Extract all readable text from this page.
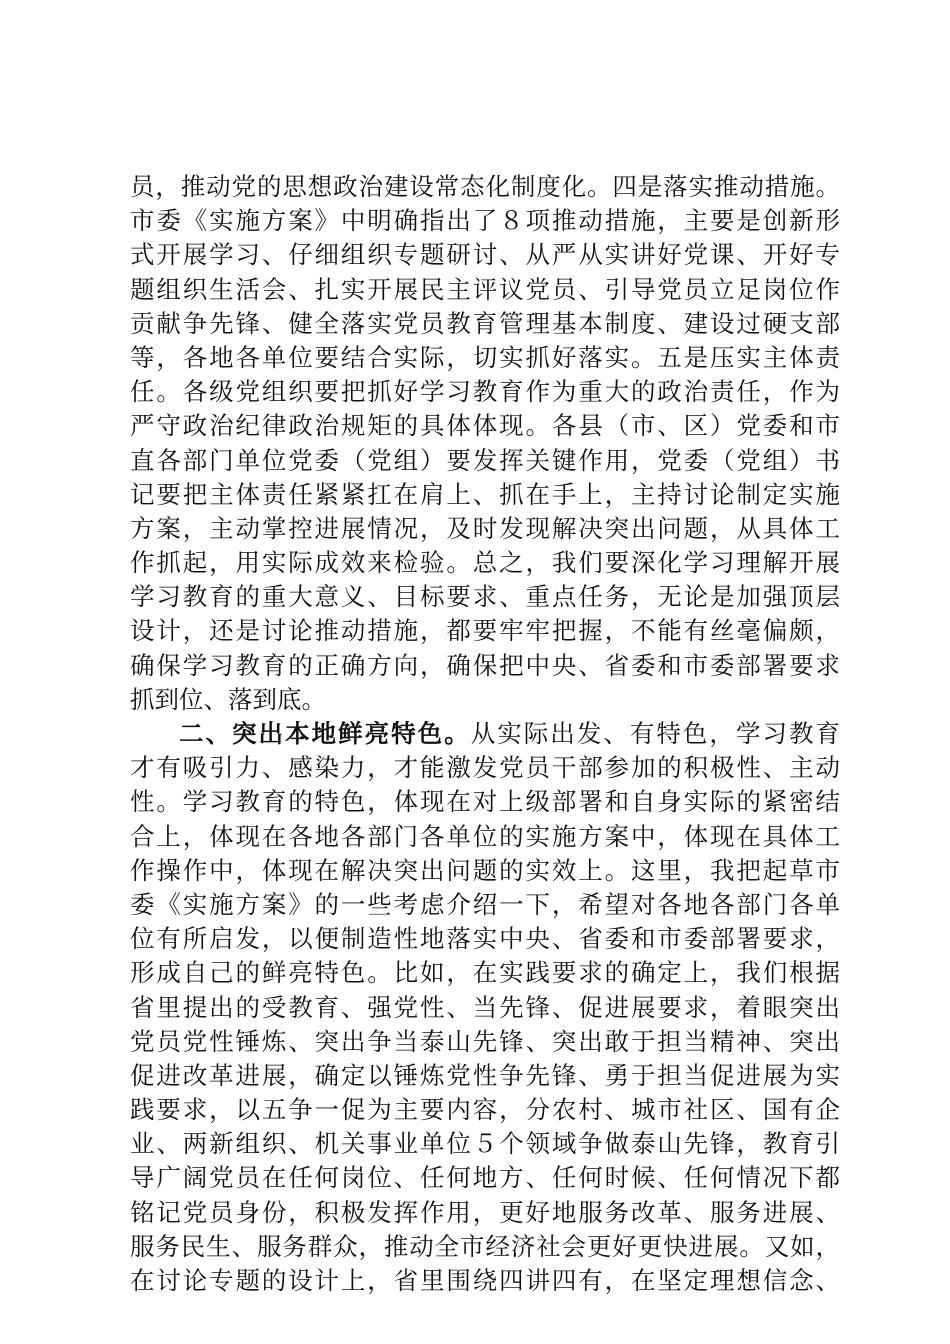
员，推动党的思想政治建设常态化制度化。四是落实推动措施。
市委《实施方案》中明确指出了８项推动措施，主要是创新形
式开展学习、仔细组织专题研讨、从严从实讲好党课、开好专
题组织生活会、扎实开展民主评议党员、引导党员立足岗位作
贡献争先锋、健全落实党员教育管理基本制度、建设过硬支部
等，各地各单位要结合实际，切实抓好落实。五是压实主体责
任。各级党组织要把抓好学习教育作为重大的政治责任，作为
严守政治纪律政治规矩的具体体现。各县（市、区）党委和市
直各部门单位党委（党组）要发挥关键作用，党委（党组）书
记要把主体责任紧紧扛在肩上、抓在手上，主持讨论制定实施
方案，主动掌控进展情况，及时发现解决突出问题，从具体工
作抓起，用实际成效来检验。总之，我们要深化学习理解开展
学习教育的重大意义、目标要求、重点任务，无论是加强顶层
设计，还是讨论推动措施，都要牢牢把握，不能有丝毫偏颇，
确保学习教育的正确方向，确保把中央、省委和市委部署要求
抓到位、落到底。
二、突出本地鲜亮特色。从实际出发、有特色，学习教育
才有吸引力、感染力，才能激发党员干部参加的积极性、主动
性。学习教育的特色，体现在对上级部署和自身实际的紧密结
合上，体现在各地各部门各单位的实施方案中，体现在具体工
作操作中，体现在解决突出问题的实效上。这里，我把起草市
委《实施方案》的一些考虑介绍一下，希望对各地各部门各单
位有所启发，以便制造性地落实中央、省委和市委部署要求，
形成自己的鲜亮特色。比如，在实践要求的确定上，我们根据
省里提出的受教育、强党性、当先锋、促进展要求，着眼突出
党员党性锤炼、突出争当泰山先锋、突出敢于担当精神、突出
促进改革进展，确定以锤炼党性争先锋、勇于担当促进展为实
践要求，以五争一促为主要内容，分农村、城市社区、国有企
业、两新组织、机关事业单位５个领域争做泰山先锋，教育引
导广阔党员在任何岗位、任何地方、任何时候、任何情况下都
铭记党员身份，积极发挥作用，更好地服务改革、服务进展、
服务民生、服务群众，推动全市经济社会更好更快进展。又如，
在讨论专题的设计上，省里围绕四讲四有，在坚定理想信念、
